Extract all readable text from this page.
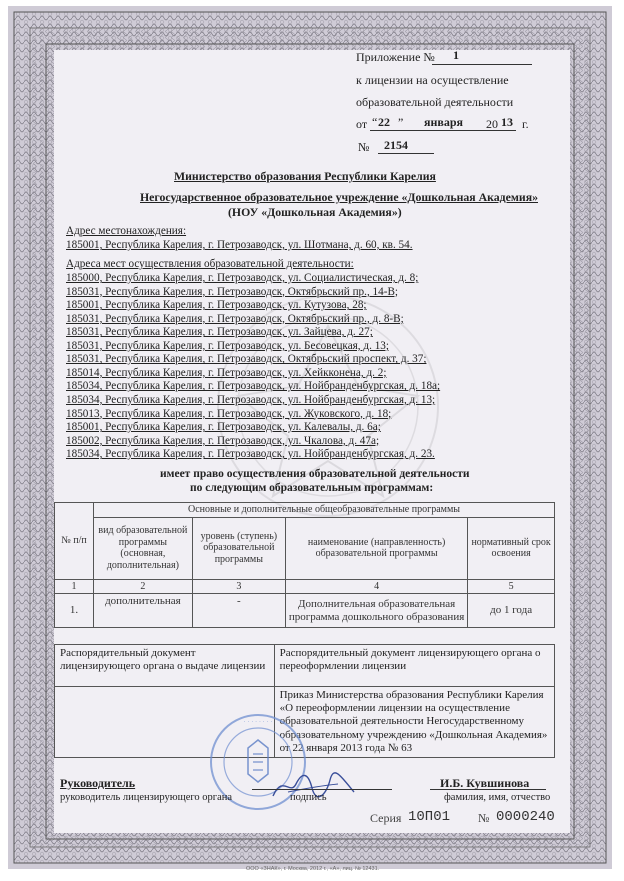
Приложение № 1
к лицензии на осуществление
образовательной деятельности
от “ 22 ” января 20 13 г.
№ 2154
Министерство образования Республики Карелия
Негосударственное образовательное учреждение «Дошкольная Академия»
(НОУ «Дошкольная Академия»)
Адрес местонахождения:
185001, Республика Карелия, г. Петрозаводск, ул. Шотмана, д. 60, кв. 54.
Адреса мест осуществления образовательной деятельности:
185000, Республика Карелия, г. Петрозаводск, ул. Социалистическая, д. 8;
185031, Республика Карелия, г. Петрозаводск, Октябрьский пр., 14-В;
185001, Республика Карелия, г. Петрозаводск, ул. Кутузова, 28;
185031, Республика Карелия, г. Петрозаводск, Октябрьский пр., д. 8-В;
185031, Республика Карелия, г. Петрозаводск, ул. Зайцева, д. 27;
185031, Республика Карелия, г. Петрозаводск, ул. Бесовецкая, д. 13;
185031, Республика Карелия, г. Петрозаводск, Октябрьский проспект, д. 37;
185014, Республика Карелия, г. Петрозаводск, ул. Хейкконена, д. 2;
185034, Республика Карелия, г. Петрозаводск, ул. Нойбранденбургская, д. 18а;
185034, Республика Карелия, г. Петрозаводск, ул. Нойбранденбургская, д. 13;
185013, Республика Карелия, г. Петрозаводск, ул. Жуковского, д. 18;
185001, Республика Карелия, г. Петрозаводск, ул. Калевалы, д. 6а;
185002, Республика Карелия, г. Петрозаводск, ул. Чкалова, д. 47а;
185034, Республика Карелия, г. Петрозаводск, ул. Нойбранденбургская, д. 23.
имеет право осуществления образовательной деятельности
по следующим образовательным программам:
№ п/п	Основные и дополнительные общеобразовательные программы			
	вид образовательной программы (основная, дополнительная)	уровень (ступень) образовательной программы	наименование (направленность) образовательной программы	нормативный срок освоения
1	2	3	4	5
1.	дополнительная	-	Дополнительная образовательная программа дошкольного образования	до 1 года
Распорядительный документ лицензирующего органа о выдаче лицензии	Распорядительный документ лицензирующего органа о переоформлении лицензии
	Приказ Министерства образования Республики Карелия «О переоформлении лицензии на осуществление образовательной деятельности Негосударственному образовательному учреждению «Дошкольная Академия» от 22 января 2013 года № 63
· · · · · · · ·
Руководитель	И.Б. Кувшинова
руководитель лицензирующего органа	подпись	фамилия, имя, отчество
Серия 10П01 № 0000240
ООО «ЗНАК», г. Москва, 2012 г., «А», лиц. № 12431.
